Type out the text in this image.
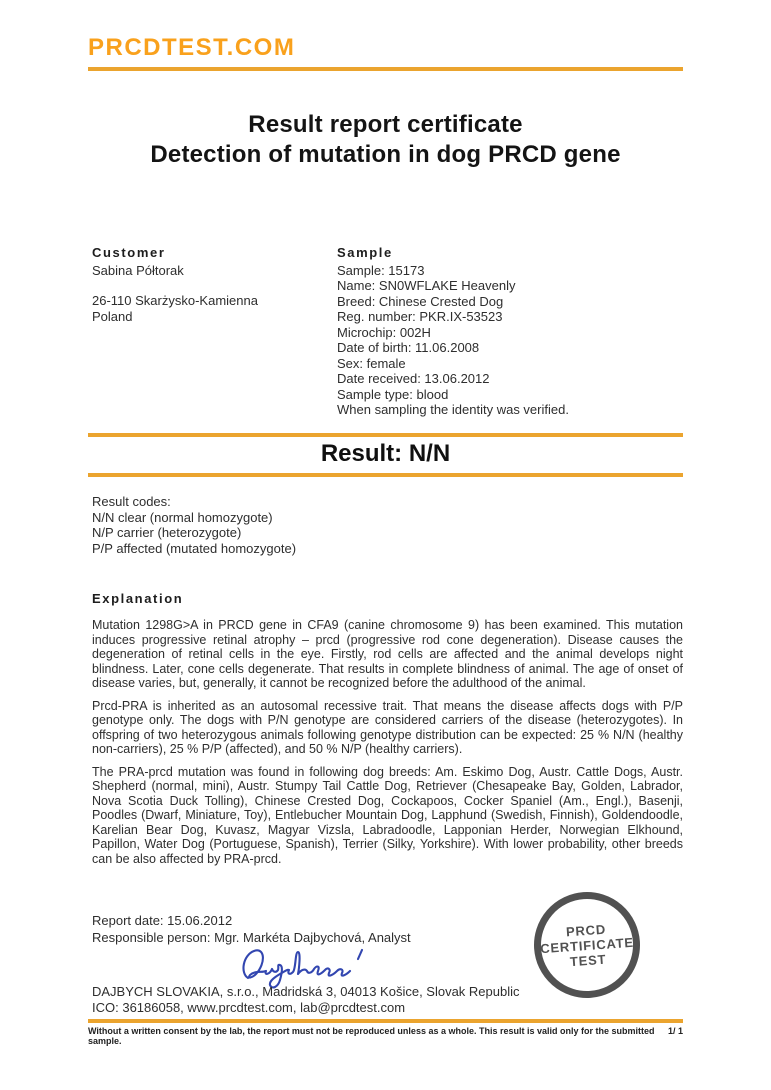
PRCDTEST.COM
Result report certificate
Detection of mutation in dog PRCD gene
Customer
Sabina Półtorak
26-110 Skarżysko-Kamienna
Poland
Sample
Sample: 15173
Name: SN0WFLAKE Heavenly
Breed: Chinese Crested Dog
Reg. number: PKR.IX-53523
Microchip: 002H
Date of birth: 11.06.2008
Sex: female
Date received: 13.06.2012
Sample type: blood
When sampling the identity was verified.
Result: N/N
Result codes:
N/N clear (normal homozygote)
N/P carrier (heterozygote)
P/P affected (mutated homozygote)
Explanation

Mutation 1298G>A in PRCD gene in CFA9 (canine chromosome 9) has been examined. This mutation induces progressive retinal atrophy – prcd (progressive rod cone degeneration). Disease causes the degeneration of retinal cells in the eye. Firstly, rod cells are affected and the animal develops night blindness. Later, cone cells degenerate. That results in complete blindness of animal. The age of onset of disease varies, but, generally, it cannot be recognized before the adulthood of the animal.

Prcd-PRA is inherited as an autosomal recessive trait. That means the disease affects dogs with P/P genotype only. The dogs with P/N genotype are considered carriers of the disease (heterozygotes). In offspring of two heterozygous animals following genotype distribution can be expected: 25 % N/N (healthy non-carriers), 25 % P/P (affected), and 50 % N/P (healthy carriers).

The PRA-prcd mutation was found in following dog breeds: Am. Eskimo Dog, Austr. Cattle Dogs, Austr. Shepherd (normal, mini), Austr. Stumpy Tail Cattle Dog, Retriever (Chesapeake Bay, Golden, Labrador, Nova Scotia Duck Tolling), Chinese Crested Dog, Cockapoos, Cocker Spaniel (Am., Engl.), Basenji, Poodles (Dwarf, Miniature, Toy), Entlebucher Mountain Dog, Lapphund (Swedish, Finnish), Goldendoodle, Karelian Bear Dog, Kuvasz, Magyar Vizsla, Labradoodle, Lapponian Herder, Norwegian Elkhound, Papillon, Water Dog (Portuguese, Spanish), Terrier (Silky, Yorkshire). With lower probability, other breeds can be also affected by PRA-prcd.

Report date: 15.06.2012
Responsible person: Mgr. Markéta Dajbychová, Analyst
DAJBYCH SLOVAKIA, s.r.o., Madridská 3, 04013 Košice, Slovak Republic
ICO: 36186058, www.prcdtest.com, lab@prcdtest.com
PRCD
CERTIFICATE
TEST
Without a written consent by the lab, the report must not be reproduced unless as a whole. This result is valid only for the submitted sample.
1/ 1
